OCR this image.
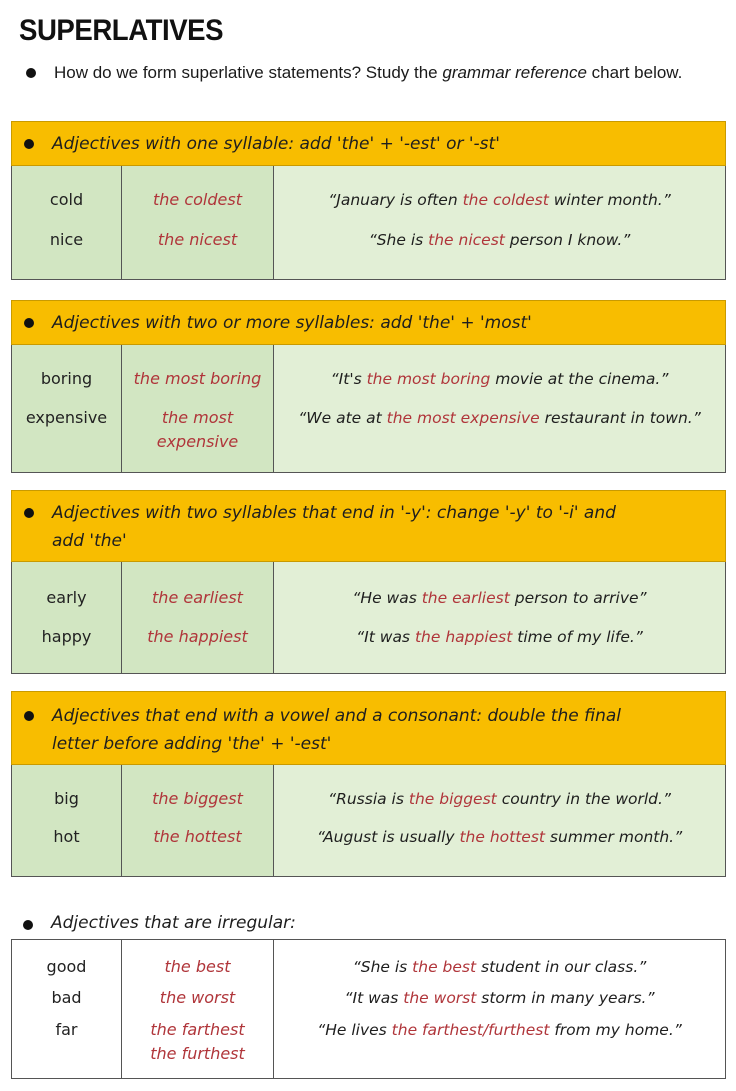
SUPERLATIVES
How do we form superlative statements? Study the grammar reference chart below.
Adjectives with one syllable: add 'the' + '-est' or '-st'
cold
nice
the coldest
the nicest
“January is often the coldest winter month.”
“She is the nicest person I know.”
Adjectives with two or more syllables: add 'the' + 'most'
boring
expensive
the most boring
the most
expensive
“It's the most boring movie at the cinema.”
“We ate at the most expensive restaurant in town.”
Adjectives with two syllables that end in '-y': change '-y' to '-i' and
add 'the'
early
happy
the earliest
the happiest
“He was the earliest person to arrive”
“It was the happiest time of my life.”
Adjectives that end with a vowel and a consonant: double the final
letter before adding 'the' + '-est'
big
hot
the biggest
the hottest
“Russia is the biggest country in the world.”
“August is usually the hottest summer month.”
Adjectives that are irregular:
good
bad
far
the best
the worst
the farthest
the furthest
“She is the best student in our class.”
“It was the worst storm in many years.”
“He lives the farthest/furthest from my home.”
